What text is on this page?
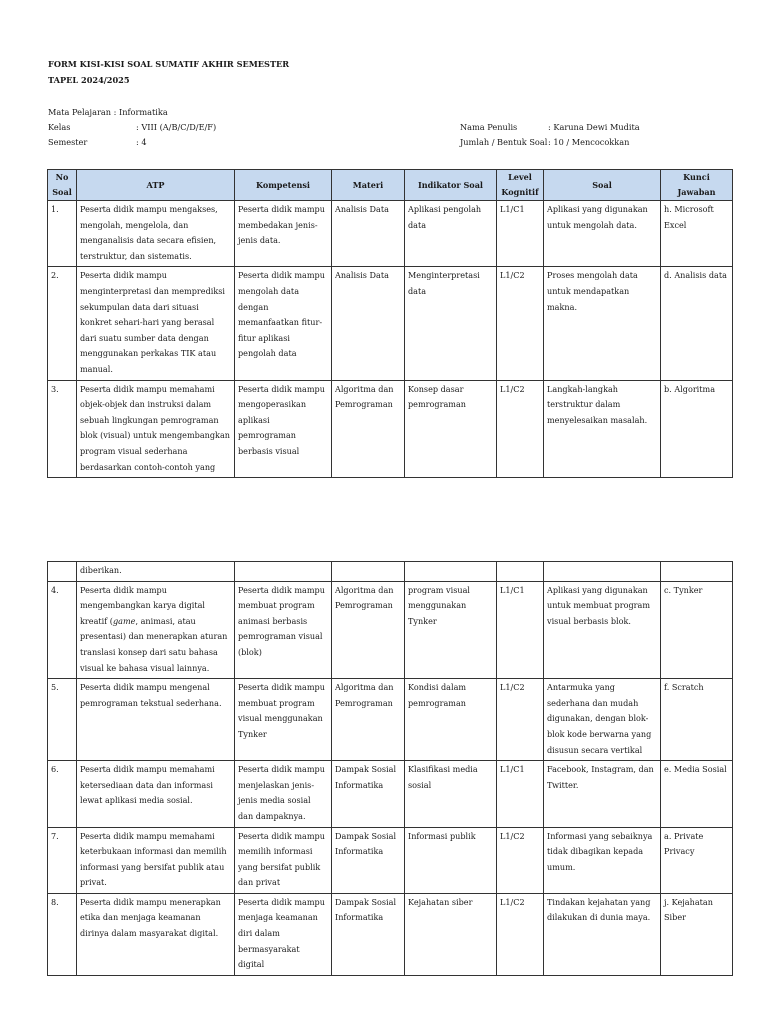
FORM KISI-KISI SOAL SUMATIF AKHIR SEMESTER

TAPEL 2024/2025

Mata Pelajaran
: Informatika
Kelas	: VIII (A/B/C/D/E/F)
Semester	: 4
Nama Penulis	: Karuna Dewi Mudita
Jumlah / Bentuk Soal : 10 / Mencocokkan
No Soal	ATP	Kompetensi	Materi	Indikator Soal	Level Kognitif	Soal	Kunci Jawaban
1.	Peserta didik mampu mengakses, mengolah, mengelola, dan menganalisis data secara efisien, terstruktur, dan sistematis.	Peserta didik mampu membedakan jenis-jenis data.	Analisis Data	Aplikasi pengolah data	L1/C1	Aplikasi yang digunakan untuk mengolah data.	h. Microsoft Excel
2.	Peserta didik mampu menginterpretasi dan memprediksi sekumpulan data dari situasi konkret sehari-hari yang berasal dari suatu sumber data dengan menggunakan perkakas TIK atau manual.	Peserta didik mampu mengolah data dengan memanfaatkan fitur-fitur aplikasi pengolah data	Analisis Data	Menginterpretasi data	L1/C2	Proses mengolah data untuk mendapatkan makna.	d. Analisis data
3.	Peserta didik mampu memahami objek-objek dan instruksi dalam sebuah lingkungan pemrograman blok (visual) untuk mengembangkan program visual sederhana berdasarkan contoh-contoh yang	Peserta didik mampu mengoperasikan aplikasi pemrograman berbasis visual	Algoritma dan Pemrograman	Konsep dasar pemrograman	L1/C2	Langkah-langkah terstruktur dalam menyelesaikan masalah.	b. Algoritma
	diberikan.						
4.	Peserta didik mampu mengembangkan karya digital kreatif (game, animasi, atau presentasi) dan menerapkan aturan translasi konsep dari satu bahasa visual ke bahasa visual lainnya.	Peserta didik mampu membuat program animasi berbasis pemrograman visual (blok)	Algoritma dan Pemrograman	program visual menggunakan Tynker	L1/C1	Aplikasi yang digunakan untuk membuat program visual berbasis blok.	c. Tynker
5.	Peserta didik mampu mengenal pemrograman tekstual sederhana.	Peserta didik mampu membuat program visual menggunakan Tynker	Algoritma dan Pemrograman	Kondisi dalam pemrograman	L1/C2	Antarmuka yang sederhana dan mudah digunakan, dengan blok-blok kode berwarna yang disusun secara vertikal	f. Scratch
6.	Peserta didik mampu memahami ketersediaan data dan informasi lewat aplikasi media sosial.	Peserta didik mampu menjelaskan jenis-jenis media sosial dan dampaknya.	Dampak Sosial Informatika	Klasifikasi media sosial	L1/C1	Facebook, Instagram, dan Twitter.	e. Media Sosial
7.	Peserta didik mampu memahami keterbukaan informasi dan memilih informasi yang bersifat publik atau privat.	Peserta didik mampu memilih informasi yang bersifat publik dan privat	Dampak Sosial Informatika	Informasi publik	L1/C2	Informasi yang sebaiknya tidak dibagikan kepada umum.	a. Private Privacy
8.	Peserta didik mampu menerapkan etika dan menjaga keamanan dirinya dalam masyarakat digital.	Peserta didik mampu menjaga keamanan diri dalam bermasyarakat digital	Dampak Sosial Informatika	Kejahatan siber	L1/C2	Tindakan kejahatan yang dilakukan di dunia maya.	j. Kejahatan Siber
